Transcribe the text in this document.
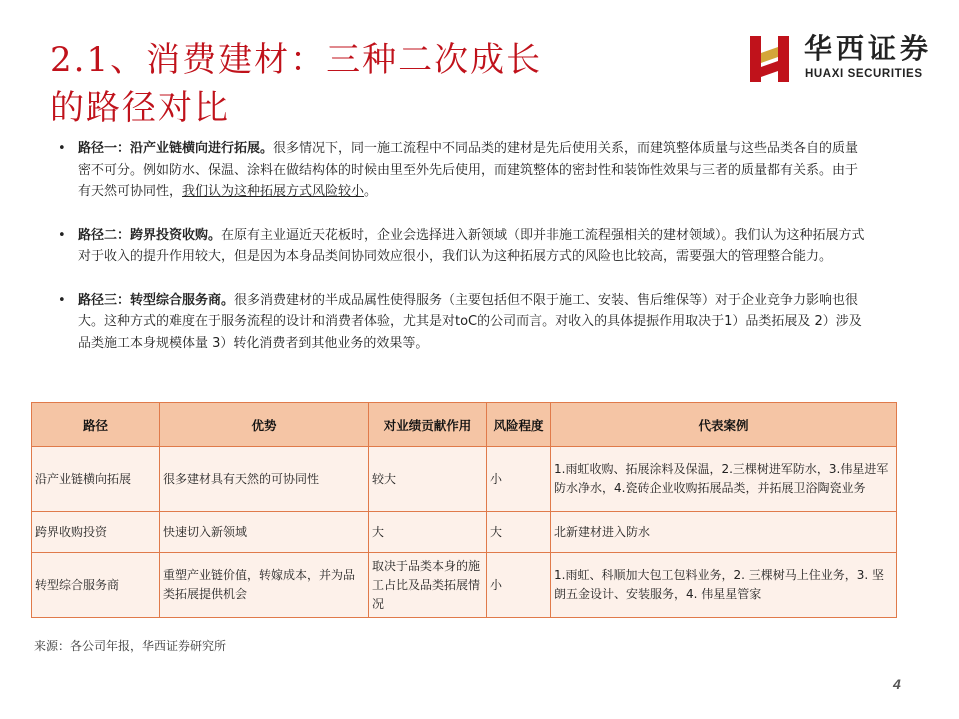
2.1、消费建材：三种二次成长
的路径对比
华西证券
HUAXI SECURITIES
• 路径一：沿产业链横向进行拓展。很多情况下，同一施工流程中不同品类的建材是先后使用关系，而建筑整体质量与这些品类各自的质量密不可分。例如防水、保温、涂料在做结构体的时候由里至外先后使用，而建筑整体的密封性和装饰性效果与三者的质量都有关系。由于有天然可协同性，我们认为这种拓展方式风险较小。
• 路径二：跨界投资收购。在原有主业逼近天花板时，企业会选择进入新领域（即并非施工流程强相关的建材领域）。我们认为这种拓展方式对于收入的提升作用较大，但是因为本身品类间协同效应很小，我们认为这种拓展方式的风险也比较高，需要强大的管理整合能力。
• 路径三：转型综合服务商。很多消费建材的半成品属性使得服务（主要包括但不限于施工、安装、售后维保等）对于企业竞争力影响也很大。这种方式的难度在于服务流程的设计和消费者体验，尤其是对toC的公司而言。对收入的具体提振作用取决于1）品类拓展及 2）涉及品类施工本身规模体量 3）转化消费者到其他业务的效果等。
路径	优势	对业绩贡献作用	风险程度	代表案例
沿产业链横向拓展	很多建材具有天然的可协同性	较大	小	1.雨虹收购、拓展涂料及保温，2.三棵树进军防水，3.伟星进军防水净水，4.瓷砖企业收购拓展品类，并拓展卫浴陶瓷业务
跨界收购投资	快速切入新领域	大	大	北新建材进入防水
转型综合服务商	重塑产业链价值，转嫁成本，并为品类拓展提供机会	取决于品类本身的施工占比及品类拓展情况	小	1.雨虹、科顺加大包工包料业务，2. 三棵树马上住业务，3. 坚朗五金设计、安装服务，4. 伟星星管家
来源：各公司年报，华西证券研究所
4
